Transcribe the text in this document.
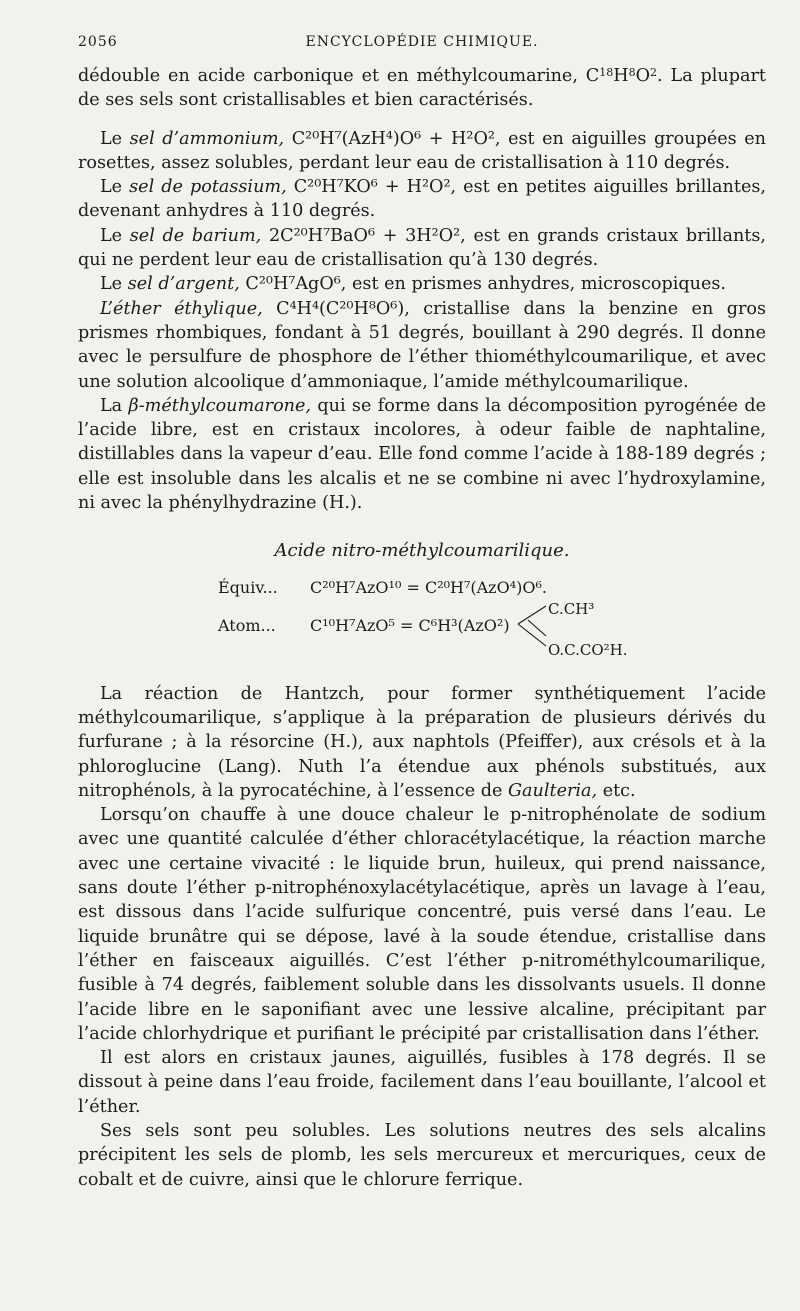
2056	ENCYCLOPÉDIE CHIMIQUE.

dédouble en acide carbonique et en méthylcoumarine, $C^{18}H^8O^2$. La plupart de ses sels sont cristallisables et bien caractérisés.

Le sel d’ammonium, C²⁰H⁷(AzH⁴)O⁶ + H²O², est en aiguilles groupées en rosettes, assez solubles, perdant leur eau de cristallisation à 110 degrés.

Le sel de potassium, C²⁰H⁷KO⁶ + H²O², est en petites aiguilles brillantes, devenant anhydres à 110 degrés.

Le sel de barium, 2C²⁰H⁷BaO⁶ + 3H²O², est en grands cristaux brillants, qui ne perdent leur eau de cristallisation qu’à 130 degrés.

Le sel d’argent, C²⁰H⁷AgO⁶, est en prismes anhydres, microscopiques.

L’éther éthylique, C⁴H⁴(C²⁰H⁸O⁶), cristallise dans la benzine en gros prismes rhombiques, fondant à 51 degrés, bouillant à 290 degrés. Il donne avec le persulfure de phosphore de l’éther thiométhylcoumarilique, et avec une solution alcoolique d’ammoniaque, l’amide méthylcoumarilique.

La β-méthylcoumarone, qui se forme dans la décomposition pyrogénée de l’acide libre, est en cristaux incolores, à odeur faible de naphtaline, distillables dans la vapeur d’eau. Elle fond comme l’acide à 188-189 degrés ; elle est insoluble dans les alcalis et ne se combine ni avec l’hydroxylamine, ni avec la phénylhydrazine (H.).

Acide nitro-méthylcoumarilique.
Équiv... C²⁰H⁷AzO¹⁰ = C²⁰H⁷(AzO⁴)O⁶.
C.CH³
Atom... C¹⁰H⁷AzO⁵ = C⁶H³(AzO²)
O.C.CO²H.

La réaction de Hantzch, pour former synthétiquement l’acide méthylcoumarilique, s’applique à la préparation de plusieurs dérivés du furfurane ; à la résorcine (H.), aux naphtols (Pfeiffer), aux crésols et à la phloroglucine (Lang). Nuth l’a étendue aux phénols substitués, aux nitrophénols, à la pyrocatéchine, à l’essence de Gaulteria, etc.

Lorsqu’on chauffe à une douce chaleur le p-nitrophénolate de sodium avec une quantité calculée d’éther chloracétylacétique, la réaction marche avec une certaine vivacité : le liquide brun, huileux, qui prend naissance, sans doute l’éther p-nitrophénoxylacétylacétique, après un lavage à l’eau, est dissous dans l’acide sulfurique concentré, puis versé dans l’eau. Le liquide brunâtre qui se dépose, lavé à la soude étendue, cristallise dans l’éther en faisceaux aiguillés. C’est l’éther p-nitrométhylcoumarilique, fusible à 74 degrés, faiblement soluble dans les dissolvants usuels. Il donne l’acide libre en le saponifiant avec une lessive alcaline, précipitant par l’acide chlorhydrique et purifiant le précipité par cristallisation dans l’éther.

Il est alors en cristaux jaunes, aiguillés, fusibles à 178 degrés. Il se dissout à peine dans l’eau froide, facilement dans l’eau bouillante, l’alcool et l’éther.

Ses sels sont peu solubles. Les solutions neutres des sels alcalins précipitent les sels de plomb, les sels mercureux et mercuriques, ceux de cobalt et de cuivre, ainsi que le chlorure ferrique.
